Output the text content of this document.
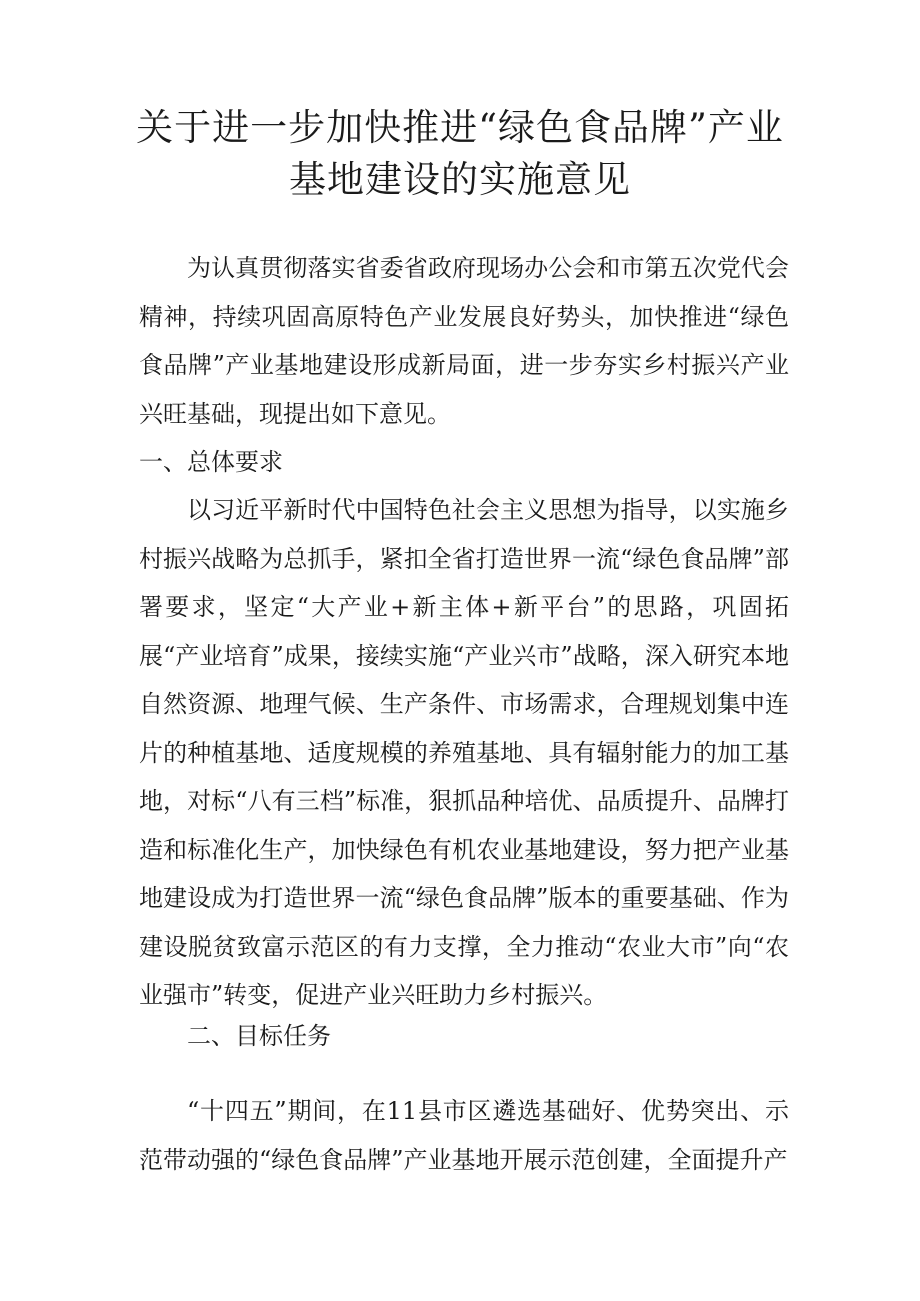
关于进一步加快推进“绿色食品牌”产业
基地建设的实施意见

为认真贯彻落实省委省政府现场办公会和市第五次党代会精神，持续巩固高原特色产业发展良好势头，加快推进“绿色食品牌”产业基地建设形成新局面，进一步夯实乡村振兴产业兴旺基础，现提出如下意见。

一、总体要求

以习近平新时代中国特色社会主义思想为指导，以实施乡村振兴战略为总抓手，紧扣全省打造世界一流“绿色食品牌”部署要求，坚定“大产业+新主体+新平台”的思路，巩固拓展“产业培育”成果，接续实施“产业兴市”战略，深入研究本地自然资源、地理气候、生产条件、市场需求，合理规划集中连片的种植基地、适度规模的养殖基地、具有辐射能力的加工基地，对标“八有三档”标准，狠抓品种培优、品质提升、品牌打造和标准化生产，加快绿色有机农业基地建设，努力把产业基地建设成为打造世界一流“绿色食品牌”版本的重要基础、作为建设脱贫致富示范区的有力支撑，全力推动“农业大市”向“农业强市”转变，促进产业兴旺助力乡村振兴。

二、目标任务

“十四五”期间，在11县市区遴选基础好、优势突出、示范带动强的“绿色食品牌”产业基地开展示范创建，全面提升产
